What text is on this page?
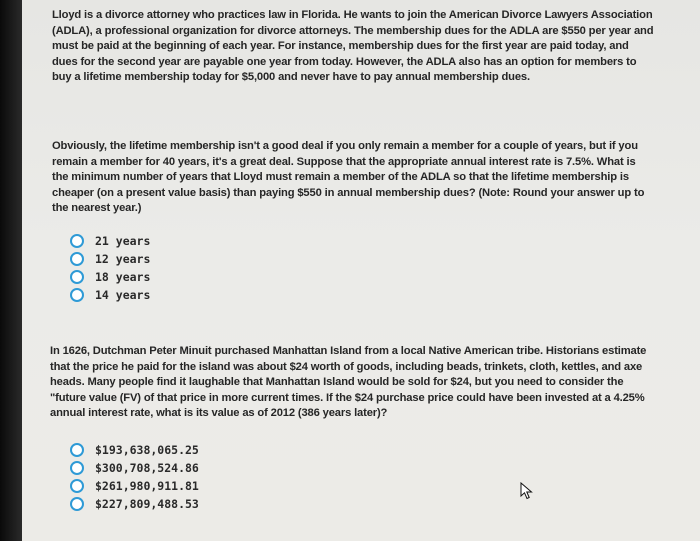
Lloyd is a divorce attorney who practices law in Florida. He wants to join the American Divorce Lawyers Association
(ADLA), a professional organization for divorce attorneys. The membership dues for the ADLA are $550 per year and
must be paid at the beginning of each year. For instance, membership dues for the first year are paid today, and
dues for the second year are payable one year from today. However, the ADLA also has an option for members to
buy a lifetime membership today for $5,000 and never have to pay annual membership dues.

Obviously, the lifetime membership isn't a good deal if you only remain a member for a couple of years, but if you
remain a member for 40 years, it's a great deal. Suppose that the appropriate annual interest rate is 7.5%. What is
the minimum number of years that Lloyd must remain a member of the ADLA so that the lifetime membership is
cheaper (on a present value basis) than paying $550 in annual membership dues? (Note: Round your answer up to
the nearest year.)

21 years
12 years
18 years
14 years

In 1626, Dutchman Peter Minuit purchased Manhattan Island from a local Native American tribe. Historians estimate
that the price he paid for the island was about $24 worth of goods, including beads, trinkets, cloth, kettles, and axe
heads. Many people find it laughable that Manhattan Island would be sold for $24, but you need to consider the
"future value (FV) of that price in more current times. If the $24 purchase price could have been invested at a 4.25%
annual interest rate, what is its value as of 2012 (386 years later)?

$193,638,065.25
$300,708,524.86
$261,980,911.81
$227,809,488.53
